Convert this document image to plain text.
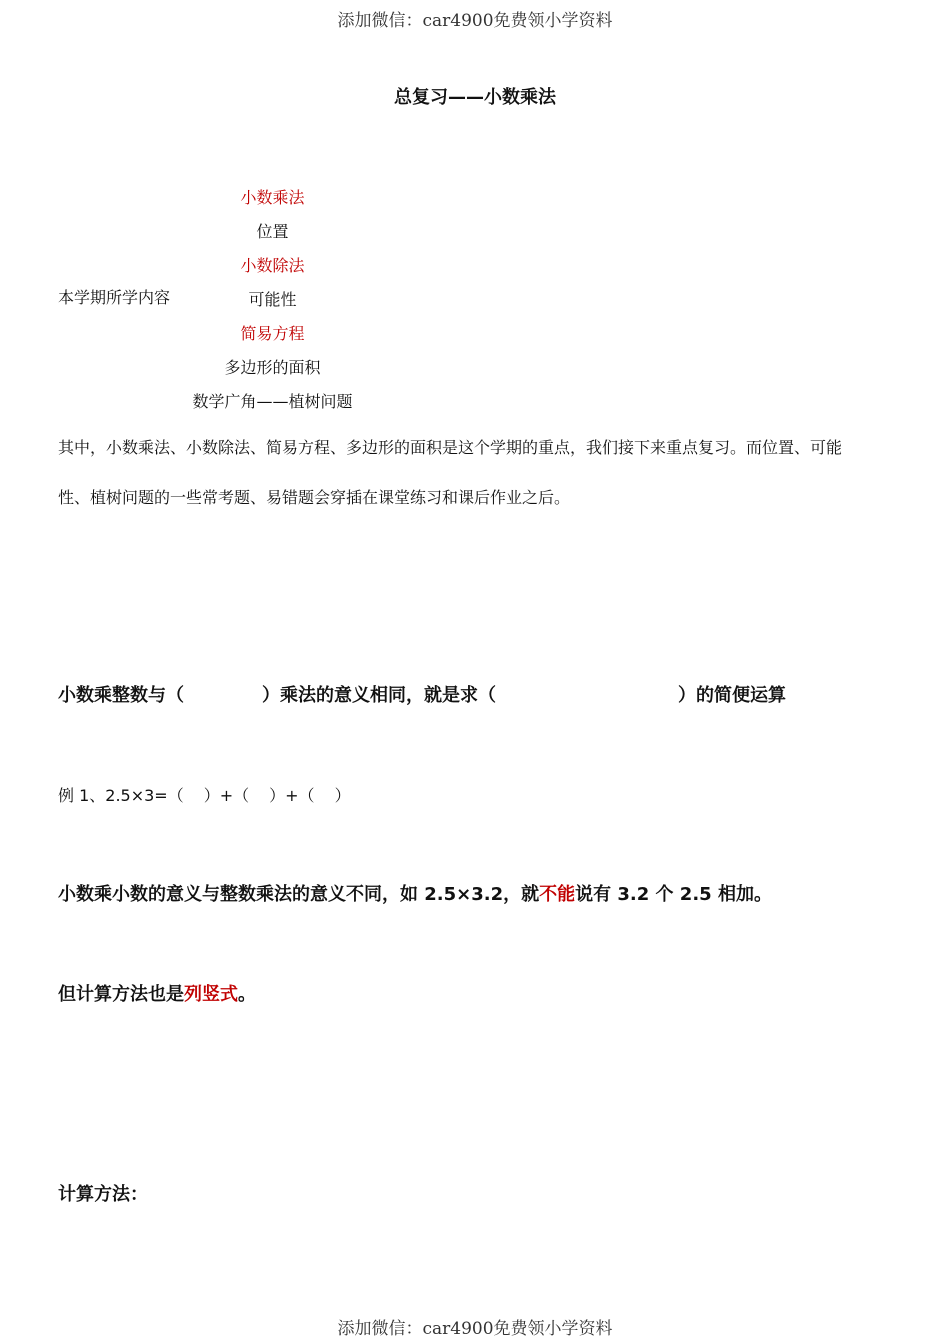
添加微信：car4900免费领小学资料
总复习——小数乘法
本学期所学内容
小数乘法
位置
小数除法
可能性
简易方程
多边形的面积
数学广角——植树问题
其中，小数乘法、小数除法、简易方程、多边形的面积是这个学期的重点，我们接下来重点复习。而位置、可能
性、植树问题的一些常考题、易错题会穿插在课堂练习和课后作业之后。
小数乘整数与（	）乘法的意义相同，就是求（	）的简便运算
例 1、2.5×3=（ ）+（ ）+（ ）
小数乘小数的意义与整数乘法的意义不同，如 2.5×3.2，就不能说有 3.2 个 2.5 相加。
但计算方法也是列竖式。
计算方法：
添加微信：car4900免费领小学资料
